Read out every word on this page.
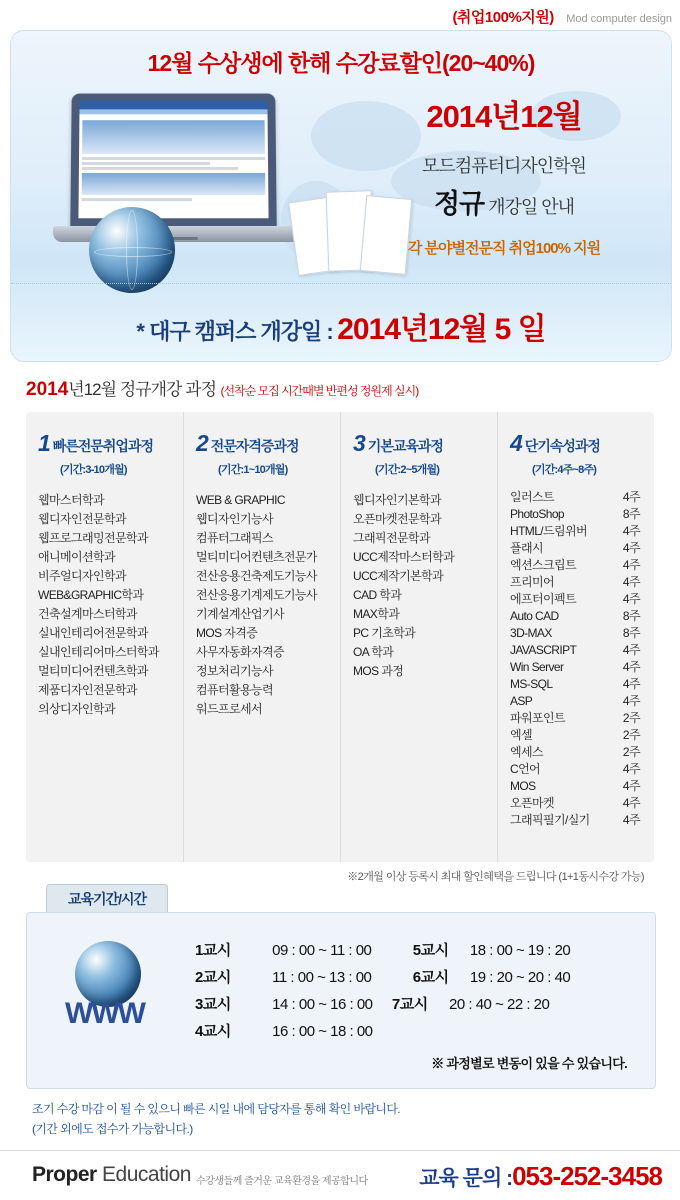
(취업100%지원) Mod computer design
12월 수상생에 한해 수강료할인(20~40%)
2014년12월
모드컴퓨터디자인학원
정규 개강일 안내
각 분야별전문직 취업100% 지원
* 대구 캠퍼스 개강일 : 2014년12월 5 일
2014년12월 정규개강 과정 (선착순 모집 시간때별 반편성 정원제 실시)
1 빠른전문취업과정
(기간:3-10개월)
웹마스터학과
웹디자인전문학과
웹프로그래밍전문학과
애니메이션학과
비주얼디자인학과
WEB&GRAPHIC학과
건축설계마스터학과
실내인테리어전문학과
실내인테리어마스터학과
멀티미디어컨텐츠학과
제품디자인전문학과
의상디자인학과
2 전문자격증과정
(기간:1~10개월)
WEB & GRAPHIC
웹디자인기능사
컴퓨터그래픽스
멀티미디어컨텐츠전문가
전산응용건축제도기능사
전산응용기계제도기능사
기계설계산업기사
MOS 자격증
사무자동화자격증
정보처리기능사
컴퓨터활용능력
워드프로세서
3 기본교육과정
(기간:2~5개월)
웹디자인기본학과
오픈마켓전문학과
그래픽전문학과
UCC제작마스터학과
UCC제작기본학과
CAD 학과
MAX학과
PC 기초학과
OA 학과
MOS 과정
4 단기속성과정
(기간:4주~8주)
일러스트	4주
PhotoShop	8주
HTML/드림위버	4주
플래시	4주
엑션스크립트	4주
프리미어	4주
에프터이펙트	4주
Auto CAD	8주
3D-MAX	8주
JAVASCRIPT	4주
Win Server	4주
MS-SQL	4주
ASP	4주
파워포인트	2주
엑셀	2주
엑세스	2주
C언어	4주
MOS	4주
오픈마켓	4주
그래픽필기/실기	4주
※2개월 이상 등록시 최대 할인혜택을 드립니다 (1+1동시수강 가능)
교육기간/시간
WWW
1교시	09 : 00 ~ 11 : 00	5교시 18 : 00 ~ 19 : 20
2교시	11 : 00 ~ 13 : 00	6교시 19 : 20 ~ 20 : 40
3교시	14 : 00 ~ 16 : 00 7교시 20 : 40 ~ 22 : 20
4교시	16 : 00 ~ 18 : 00
※ 과정별로 변동이 있을 수 있습니다.
조기 수강 마감 이 될 수 있으니 빠른 시일 내에 담당자를 통해 확인 바랍니다.
(기간 외에도 접수가 가능합니다.)
Proper Education 수강생들께 즐거운 교육환경을 제공합니다 교육 문의 :053-252-3458
